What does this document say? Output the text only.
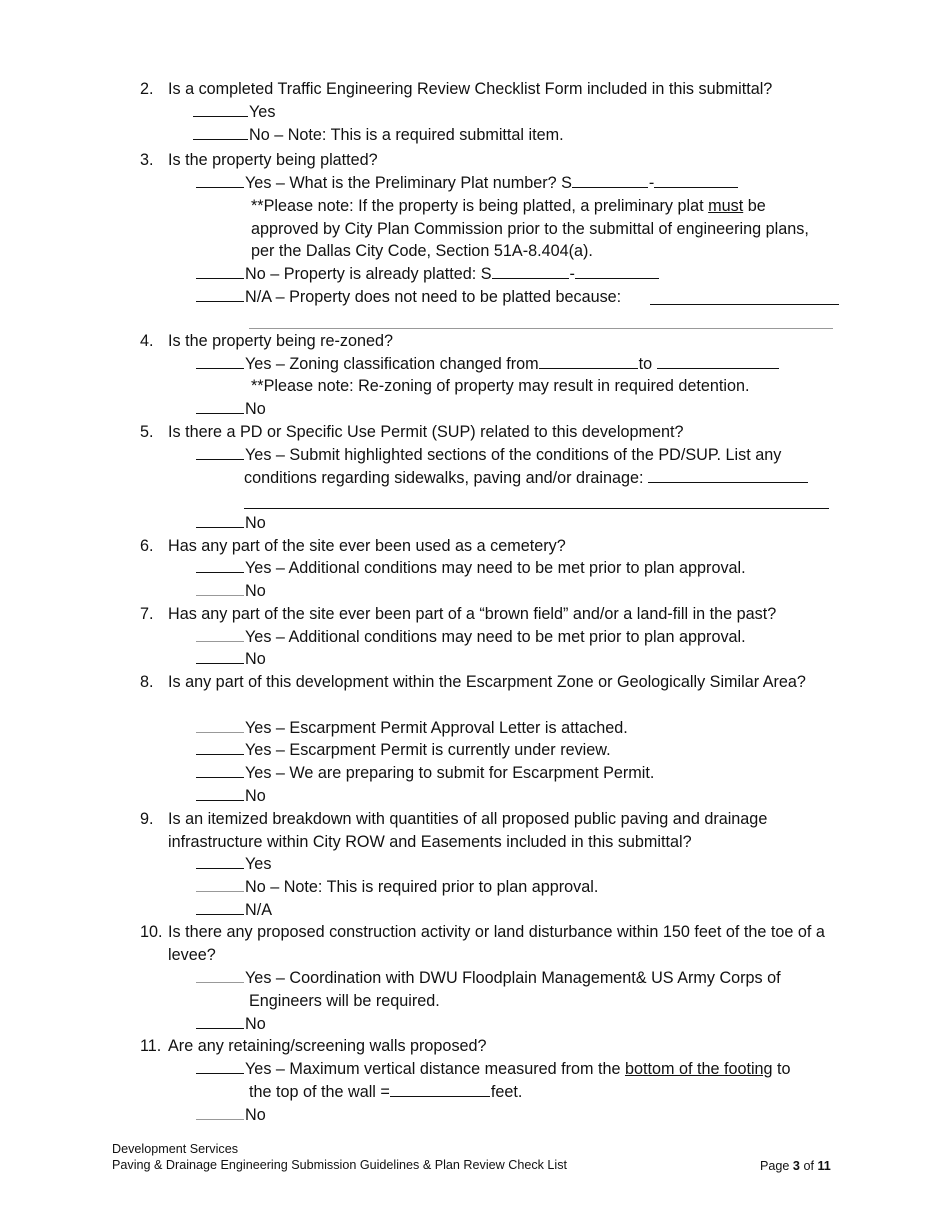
2. Is a completed Traffic Engineering Review Checklist Form included in this submittal?
Yes
No – Note: This is a required submittal item.
3. Is the property being platted?
Yes – What is the Preliminary Plat number? S	-
**Please note: If the property is being platted, a preliminary plat must be approved by City Plan Commission prior to the submittal of engineering plans, per the Dallas City Code, Section 51A-8.404(a).
No – Property is already platted: S	-
N/A – Property does not need to be platted because:
4. Is the property being re-zoned?
Yes – Zoning classification changed from	to
**Please note: Re-zoning of property may result in required detention.
No
5. Is there a PD or Specific Use Permit (SUP) related to this development?
Yes – Submit highlighted sections of the conditions of the PD/SUP. List any
conditions regarding sidewalks, paving and/or drainage:
No
6. Has any part of the site ever been used as a cemetery?
Yes – Additional conditions may need to be met prior to plan approval.
No
7. Has any part of the site ever been part of a “brown field” and/or a land-fill in the past?
Yes – Additional conditions may need to be met prior to plan approval.
No
8. Is any part of this development within the Escarpment Zone or Geologically Similar Area?
Yes – Escarpment Permit Approval Letter is attached.
Yes – Escarpment Permit is currently under review.
Yes – We are preparing to submit for Escarpment Permit.
No
9. Is an itemized breakdown with quantities of all proposed public paving and drainage infrastructure within City ROW and Easements included in this submittal?
Yes
No – Note: This is required prior to plan approval.
N/A
10. Is there any proposed construction activity or land disturbance within 150 feet of the toe of a levee?
Yes – Coordination with DWU Floodplain Management& US Army Corps of
Engineers will be required.
No
11. Are any retaining/screening walls proposed?
Yes – Maximum vertical distance measured from the bottom of the footing to
the top of the wall =	feet.
No
Development Services
Paving & Drainage Engineering Submission Guidelines & Plan Review Check List	Page 3 of 11
